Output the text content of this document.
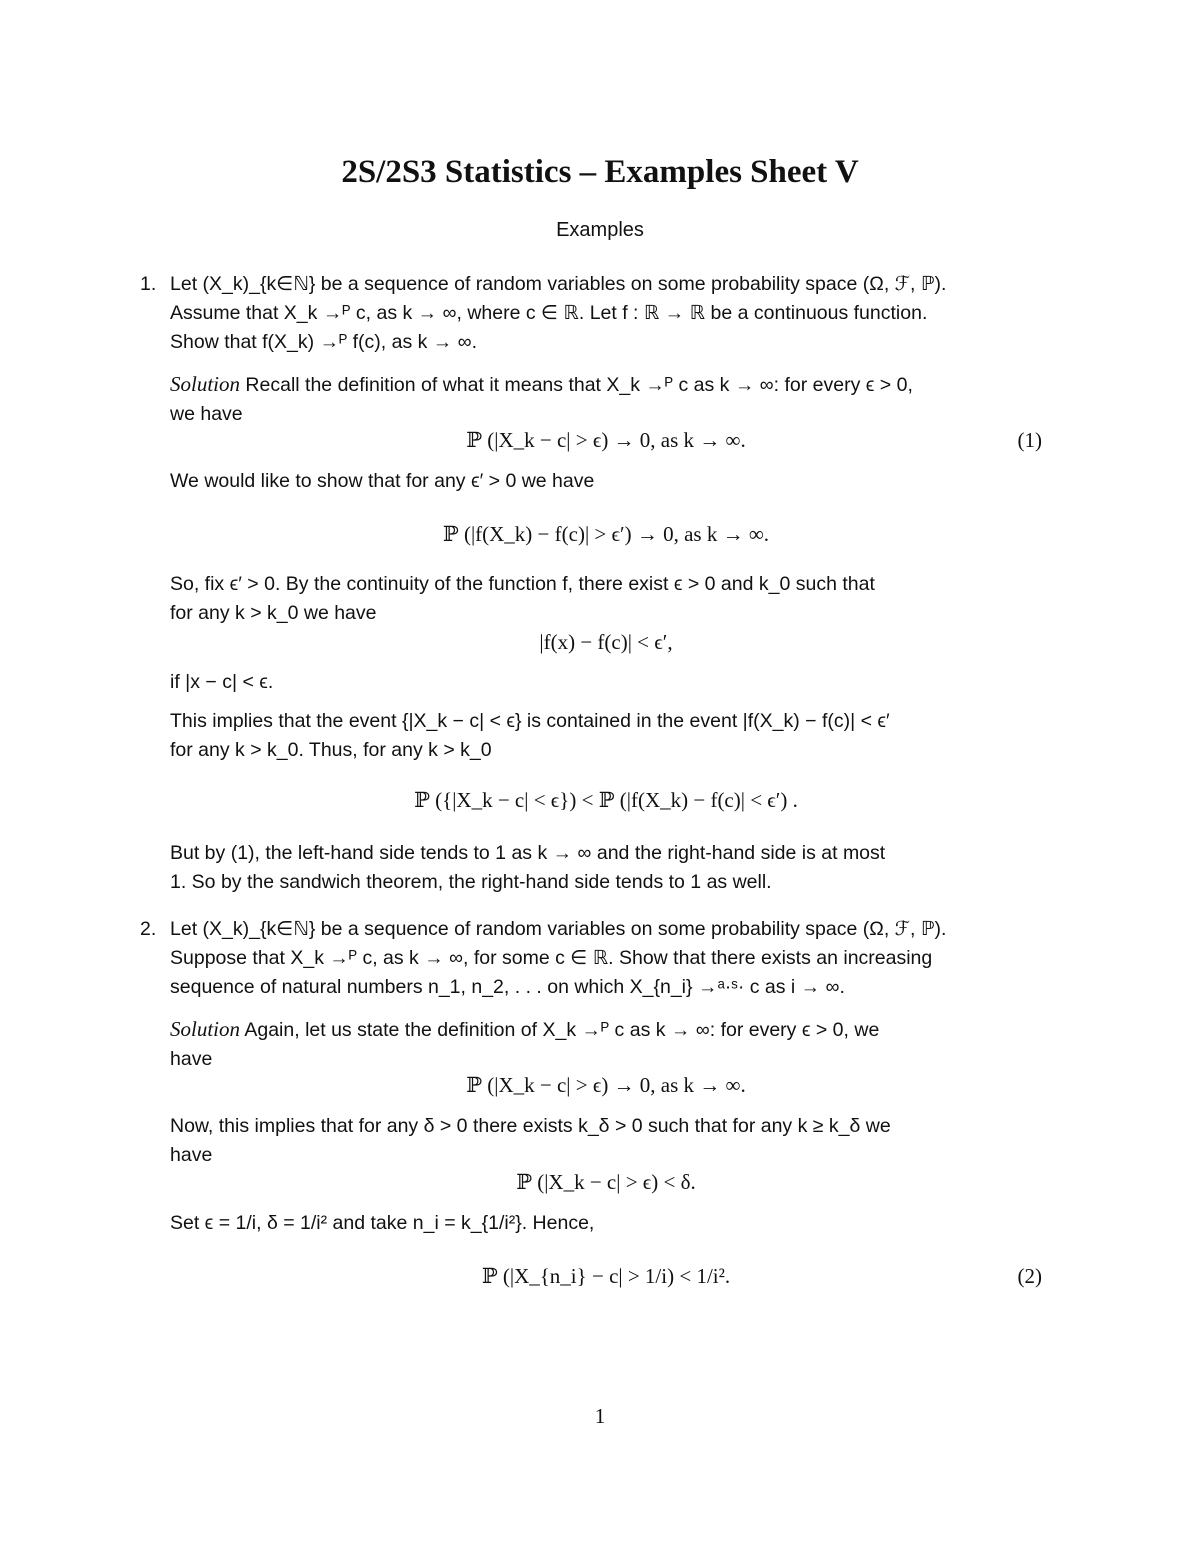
2S/2S3 Statistics – Examples Sheet V
Examples
1. Let (X_k)_{k∈ℕ} be a sequence of random variables on some probability space (Ω, ℱ, ℙ).
Assume that X_k →ᴾ c, as k → ∞, where c ∈ ℝ. Let f : ℝ → ℝ be a continuous function.
Show that f(X_k) →ᴾ f(c), as k → ∞.
Solution Recall the definition of what it means that X_k →ᴾ c as k → ∞: for every ϵ > 0,
we have
ℙ (|X_k − c| > ϵ) → 0, as k → ∞.	(1)
We would like to show that for any ϵ′ > 0 we have
ℙ (|f(X_k) − f(c)| > ϵ′) → 0, as k → ∞.
So, fix ϵ′ > 0. By the continuity of the function f, there exist ϵ > 0 and k_0 such that
for any k > k_0 we have
|f(x) − f(c)| < ϵ′,
if |x − c| < ϵ.
This implies that the event {|X_k − c| < ϵ} is contained in the event |f(X_k) − f(c)| < ϵ′
for any k > k_0. Thus, for any k > k_0
ℙ ({|X_k − c| < ϵ}) < ℙ (|f(X_k) − f(c)| < ϵ′) .
But by (1), the left-hand side tends to 1 as k → ∞ and the right-hand side is at most
1. So by the sandwich theorem, the right-hand side tends to 1 as well.
2. Let (X_k)_{k∈ℕ} be a sequence of random variables on some probability space (Ω, ℱ, ℙ).
Suppose that X_k →ᴾ c, as k → ∞, for some c ∈ ℝ. Show that there exists an increasing
sequence of natural numbers n_1, n_2, . . . on which X_{n_i} →ᵃ·ˢ· c as i → ∞.
Solution Again, let us state the definition of X_k →ᴾ c as k → ∞: for every ϵ > 0, we
have
ℙ (|X_k − c| > ϵ) → 0, as k → ∞.
Now, this implies that for any δ > 0 there exists k_δ > 0 such that for any k ≥ k_δ we
have
ℙ (|X_k − c| > ϵ) < δ.
Set ϵ = 1/i, δ = 1/i² and take n_i = k_{1/i²}. Hence,
ℙ (|X_{n_i} − c| > 1/i) < 1/i².	(2)
1
